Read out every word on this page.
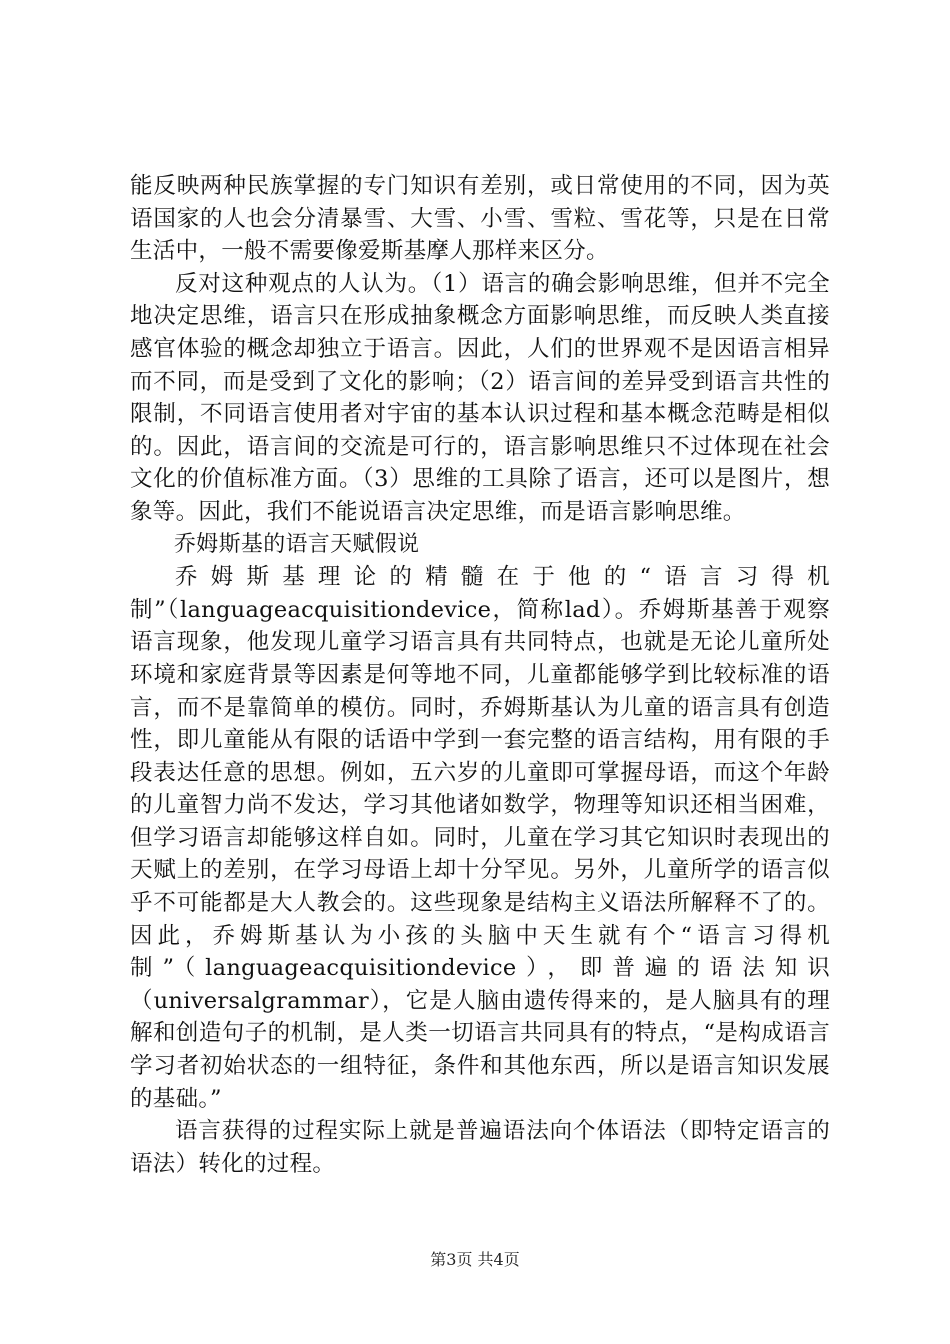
能反映两种民族掌握的专门知识有差别，或日常使用的不同，因为英语国家的人也会分清暴雪、大雪、小雪、雪粒、雪花等，只是在日常生活中，一般不需要像爱斯基摩人那样来区分。

反对这种观点的人认为。（1）语言的确会影响思维，但并不完全地决定思维，语言只在形成抽象概念方面影响思维，而反映人类直接感官体验的概念却独立于语言。因此，人们的世界观不是因语言相异而不同，而是受到了文化的影响；（2）语言间的差异受到语言共性的限制，不同语言使用者对宇宙的基本认识过程和基本概念范畴是相似的。因此，语言间的交流是可行的，语言影响思维只不过体现在社会文化的价值标准方面。（3）思维的工具除了语言，还可以是图片，想象等。因此，我们不能说语言决定思维，而是语言影响思维。

乔姆斯基的语言天赋假说

乔姆斯基理论的精髓在于他的“语言习得机制”（languageacquisitiondevice，简称lad）。乔姆斯基善于观察语言现象，他发现儿童学习语言具有共同特点，也就是无论儿童所处环境和家庭背景等因素是何等地不同，儿童都能够学到比较标准的语言，而不是靠简单的模仿。同时，乔姆斯基认为儿童的语言具有创造性，即儿童能从有限的话语中学到一套完整的语言结构，用有限的手段表达任意的思想。例如，五六岁的儿童即可掌握母语，而这个年龄的儿童智力尚不发达，学习其他诸如数学，物理等知识还相当困难，但学习语言却能够这样自如。同时，儿童在学习其它知识时表现出的天赋上的差别，在学习母语上却十分罕见。另外，儿童所学的语言似乎不可能都是大人教会的。这些现象是结构主义语法所解释不了的。因此，乔姆斯基认为小孩的头脑中天生就有个“语言习得机制”（languageacquisitiondevice），即普遍的语法知识（universalgrammar），它是人脑由遗传得来的，是人脑具有的理解和创造句子的机制，是人类一切语言共同具有的特点，“是构成语言学习者初始状态的一组特征，条件和其他东西，所以是语言知识发展的基础。”

语言获得的过程实际上就是普遍语法向个体语法（即特定语言的语法）转化的过程。

第3页 共4页
